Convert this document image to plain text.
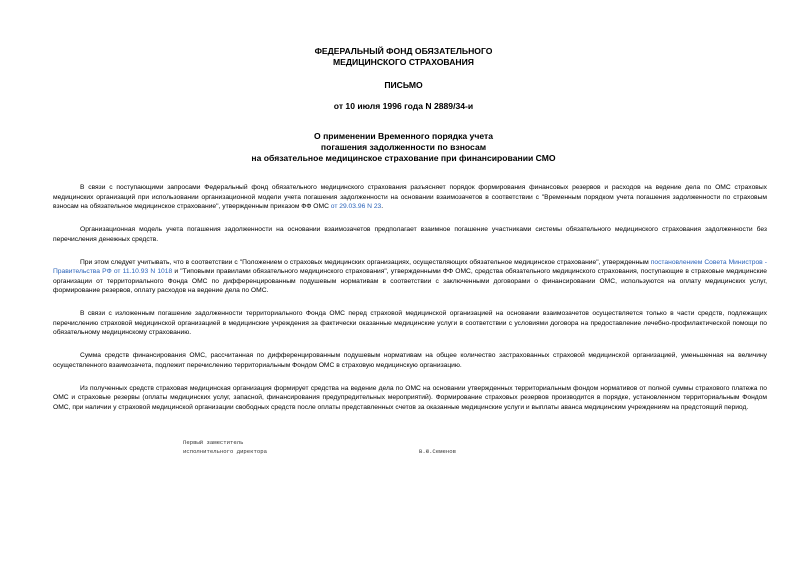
ФЕДЕРАЛЬНЫЙ ФОНД ОБЯЗАТЕЛЬНОГО
МЕДИЦИНСКОГО СТРАХОВАНИЯ
ПИСЬМО
от 10 июля 1996 года N 2889/34-и
О применении Временного порядка учета
погашения задолженности по взносам
на обязательное медицинское страхование при финансировании СМО

В связи с поступающими запросами Федеральный фонд обязательного медицинского страхования разъясняет порядок формирования финансовых резервов и расходов на ведение дела по ОМС страховых медицинских организаций при использовании организационной модели учета погашения задолженности на основании взаимозачетов в соответствии с "Временным порядком учета погашения задолженности по страховым взносам на обязательное медицинское страхование", утвержденным приказом ФФ ОМС от 29.03.96 N 23.

Организационная модель учета погашения задолженности на основании взаимозачетов предполагает взаимное погашение участниками системы обязательного медицинского страхования задолженности без перечисления денежных средств.

При этом следует учитывать, что в соответствии с "Положением о страховых медицинских организациях, осуществляющих обязательное медицинское страхование", утвержденным постановлением Совета Министров - Правительства РФ от 11.10.93 N 1018 и "Типовыми правилами обязательного медицинского страхования", утвержденными ФФ ОМС, средства обязательного медицинского страхования, поступающие в страховые медицинские организации от территориального Фонда ОМС по дифференцированным подушевым нормативам в соответствии с заключенными договорами о финансировании ОМС, используются на оплату медицинских услуг, формирование резервов, оплату расходов на ведение дела по ОМС.

В связи с изложенным погашение задолженности территориального Фонда ОМС перед страховой медицинской организацией на основании взаимозачетов осуществляется только в части средств, подлежащих перечислению страховой медицинской организацией в медицинские учреждения за фактически оказанные медицинские услуги в соответствии с условиями договора на предоставление лечебно-профилактической помощи по обязательному медицинскому страхованию.

Сумма средств финансирования ОМС, рассчитанная по дифференцированным подушевым нормативам на общее количество застрахованных страховой медицинской организацией, уменьшенная на величину осуществленного взаимозачета, подлежит перечислению территориальным Фондом ОМС в страховую медицинскую организацию.

Из полученных средств страховая медицинская организация формирует средства на ведение дела по ОМС на основании утвержденных территориальным фондом нормативов от полной суммы страхового платежа по ОМС и страховые резервы (оплаты медицинских услуг, запасной, финансирования предупредительных мероприятий). Формирование страховых резервов производится в порядке, установленном территориальным Фондом ОМС, при наличии у страховой медицинской организации свободных средств после оплаты представленных счетов за оказанные медицинские услуги и выплаты аванса медицинским учреждениям на предстоящий период.

Первый заместитель
исполнительного директора	В.Ю.Семенов
